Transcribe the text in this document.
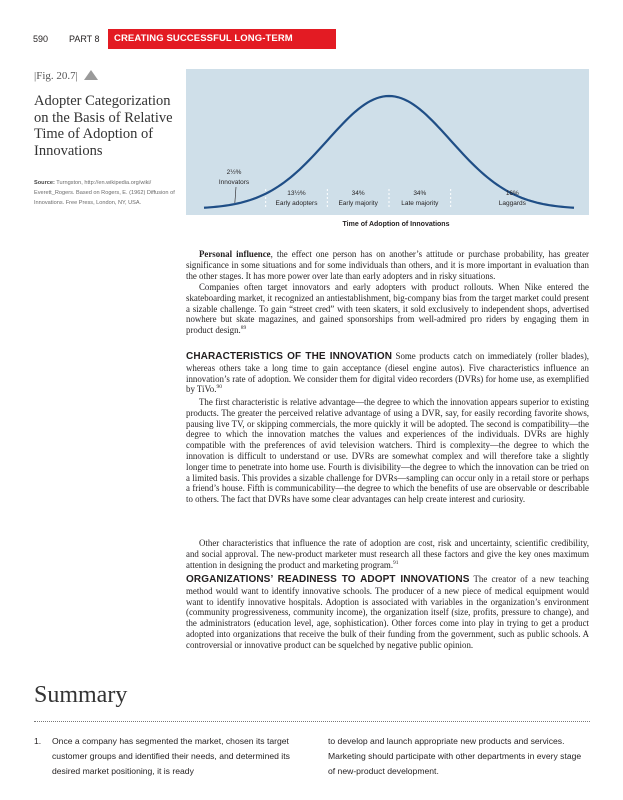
590 PART 8	CREATING SUCCESSFUL LONG-TERM GROWTH
|Fig. 20.7|
Adopter Categorization on the Basis of Relative Time of Adoption of Innovations
Source: Turngston, http://en.wikipedia.org/wiki/ Everett_Rogers. Based on Rogers, E. (1962) Diffusion of Innovations. Free Press, London, NY, USA.
2½%
Innovators
13½%
Early adopters
34%
Early majority
34%
Late majority
16%
Laggards
Time of Adoption of Innovations

Personal influence, the effect one person has on another’s attitude or purchase probability, has greater significance in some situations and for some individuals than others, and it is more important in evaluation than the other stages. It has more power over late than early adopters and in risky situations.

Companies often target innovators and early adopters with product rollouts. When Nike entered the skateboarding market, it recognized an antiestablishment, big-company bias from the target market could present a sizable challenge. To gain “street cred” with teen skaters, it sold exclusively to independent shops, advertised nowhere but skate magazines, and gained sponsorships from well-admired pro riders by engaging them in product design.$^{89}$

CHARACTERISTICS OF THE INNOVATION Some products catch on immediately (roller blades), whereas others take a long time to gain acceptance (diesel engine autos). Five characteristics influence an innovation’s rate of adoption. We consider them for digital video recorders (DVRs) for home use, as exemplified by TiVo.$^{90}$

The first characteristic is relative advantage—the degree to which the innovation appears superior to existing products. The greater the perceived relative advantage of using a DVR, say, for easily recording favorite shows, pausing live TV, or skipping commercials, the more quickly it will be adopted. The second is compatibility—the degree to which the innovation matches the values and experiences of the individuals. DVRs are highly compatible with the preferences of avid television watchers. Third is complexity—the degree to which the innovation is difficult to understand or use. DVRs are somewhat complex and will therefore take a slightly longer time to penetrate into home use. Fourth is divisibility—the degree to which the innovation can be tried on a limited basis. This provides a sizable challenge for DVRs—sampling can occur only in a retail store or perhaps a friend’s house. Fifth is communicability—the degree to which the benefits of use are observable or describable to others. The fact that DVRs have some clear advantages can help create interest and curiosity.

Other characteristics that influence the rate of adoption are cost, risk and uncertainty, scientific credibility, and social approval. The new-product marketer must research all these factors and give the key ones maximum attention in designing the product and marketing program.$^{91}$

ORGANIZATIONS’ READINESS TO ADOPT INNOVATIONS The creator of a new teaching method would want to identify innovative schools. The producer of a new piece of medical equipment would want to identify innovative hospitals. Adoption is associated with variables in the organization’s environment (community progressiveness, community income), the organization itself (size, profits, pressure to change), and the administrators (education level, age, sophistication). Other forces come into play in trying to get a product adopted into organizations that receive the bulk of their funding from the government, such as public schools. A controversial or innovative product can be squelched by negative public opinion.

Summary
1. Once a company has segmented the market, chosen its target customer groups and identified their needs, and determined its desired market positioning, it is ready

to develop and launch appropriate new products and services. Marketing should participate with other departments in every stage of new-product development.
